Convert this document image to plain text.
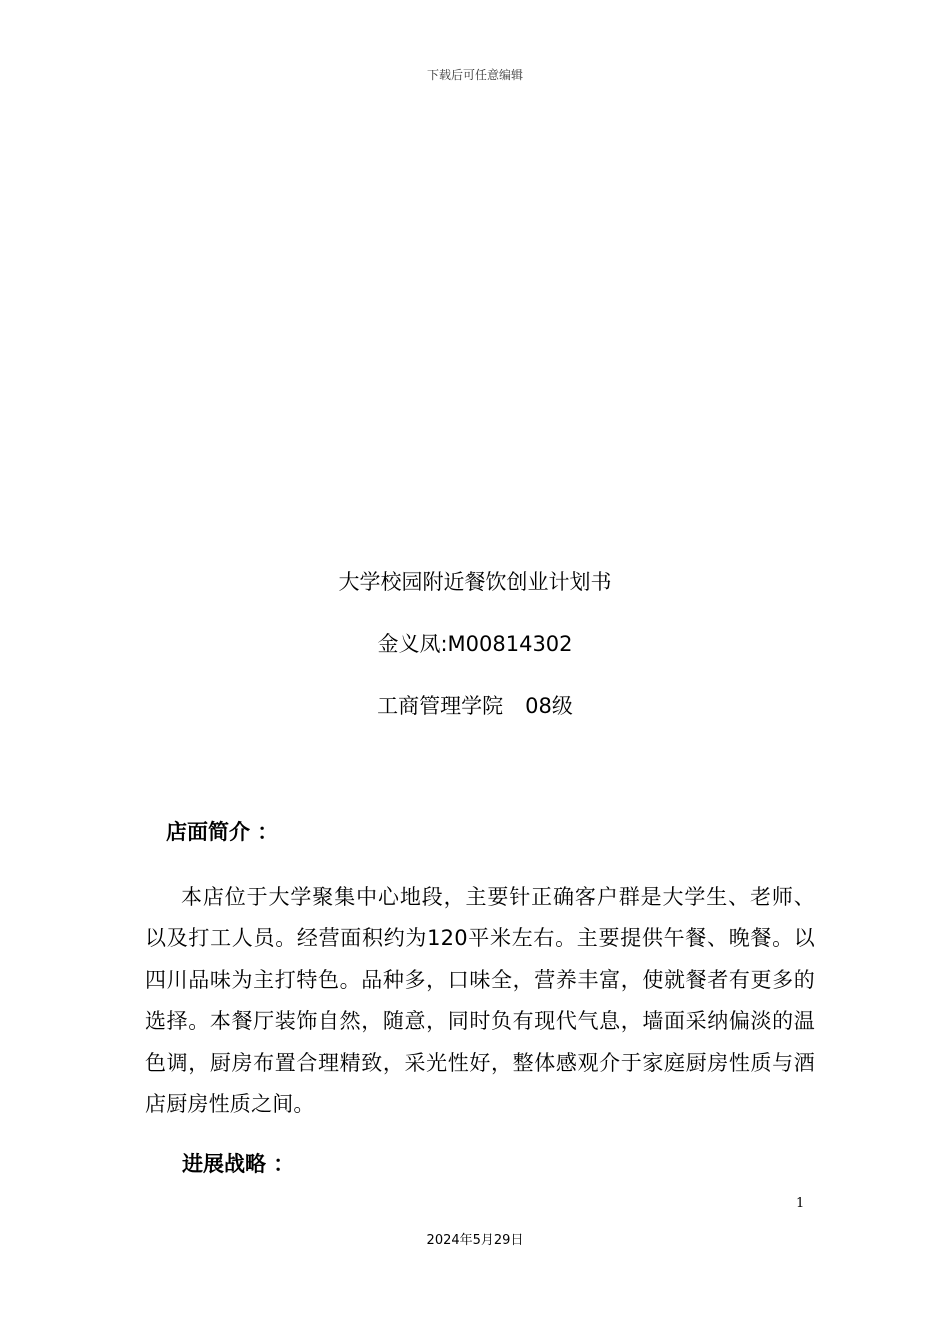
下载后可任意编辑
大学校园附近餐饮创业计划书
金义凤:M00814302
工商管理学院 08级
店面简介 ：
本店位于大学聚集中心地段，主要针正确客户群是大学生、老师、以及打工人员。经营面积约为120平米左右。主要提供午餐、晚餐。以四川品味为主打特色。品种多，口味全，营养丰富，使就餐者有更多的选择。本餐厅装饰自然，随意，同时负有现代气息，墙面采纳偏淡的温色调，厨房布置合理精致，采光性好，整体感观介于家庭厨房性质与酒店厨房性质之间。
进展战略 ：
1
2024年5月29日
